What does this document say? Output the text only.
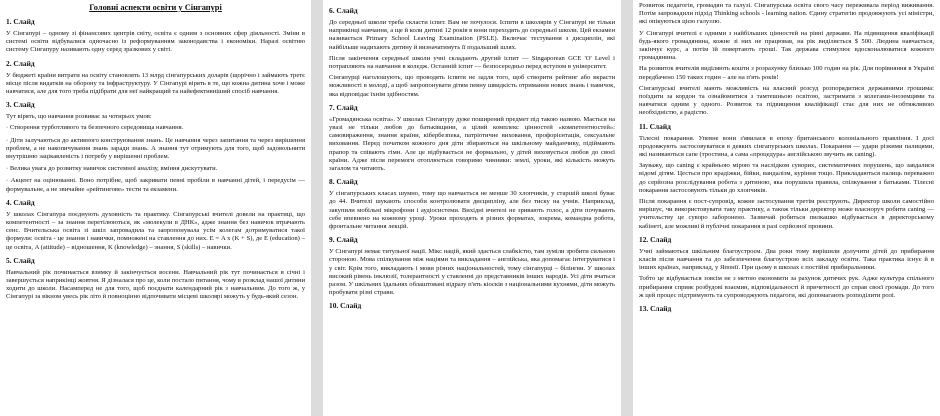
Головні аспекти освіти у Сінгапурі
1. Слайд
У Сінгапурі – одному зі фінансових центрів світу, освіта є одним з основних сфер діяльності. Зміни в системі освіти відбувалися одночасно із реформуванням законодавства і економіки. Наразі освітню систему Сінгапуру називають одну серед зразкових у світі.
2. Слайд
У бюджеті країни витрати на освіту становлять 13 млрд сінгапурських доларів (щорічно і займають третє місце після видатків на оборону та інфраструктуру. У Сінгапурі вірять в те, що кожна дитина хоче і може навчатися, але для того треба підібрати для неї найкращий та найефективніший спосіб навчання.
3. Слайд
Тут вірять, що навчання розвиває за чотирьох умов:
· Створення турботливого та безпечного середовища навчання.
· Діти залучаються до активного конструювання знань. Це навчання через запитання та через вирішення проблем, а не накопичування знань заради знань. А знання тут отримують для того, щоб задовольнити внутрішню зацікавленість і потребу у вирішенні проблем.
· Велика увага до розвитку навичок системної аналізу, вміння дискутувати.
· Акцент на оцінюванні. Воно потрібне, щоб закривати певні пробіли в навчанні дітей, і передусім — формувальне, а не звичайне «рейтингове» тести та екзамени.
4. Слайд
У школах Сінгапура поєднують духовність та практику. Сінгапурські вчителі довели на практиці, що компетентності – за знання перетілюються, як «молекули в ДНК», адже знання без навичок втрачають сенс. Вчительська освіта зі шкіл запровадила та запропонувала усім колегам дотримуватися такої формули: освіта - це знання і навички, помножені на ставлення до них. Е = A x (K + S), де E (education) – це освіта, A (attitude) – відношення, K (knowledge) – знання, S (skills) – навички.
5. Слайд
Навчальний рік починається взимку й закінчується восени. Навчальний рік тут починається в січні і завершується наприкінці жовтня. Я дізналася про це, коли постало питання, чому в розклад нашої дитини ходити до школи. Насамперед не для того, щоб поєднати календарний рік з навчальним. До того ж, у Сінгапурі за вікном увесь рік літо й повноцінно відпочивати місцеві школярі можуть у будь-який сезон.
6. Слайд
До середньої школи треба скласти іспит. Вам не почулося. Іспити в школярів у Сінгапурі не тільки наприкінці навчання, а ще й коли дитині 12 років в вони переходять до середньої школи. Цей екзамен називається Primary School Leaving Examination (PSLE). Включає тестування з дисциплін, які найбільше надихають дитину й визначатимуть її подальший шлях.
Після закінчення середньої школи учні складають другий іспит — Singaporean GCE 'O' Level і потрапляють на навчання в коледж. Останній іспит — безпосередньо перед вступом в університет.
Сінгапурці наголошують, що проводять іспити не задля того, щоб створити рейтинг або вкрасти можливості в молоді, а щоб запропонувати дітям певну швидкість отримання нових знань і навичок, яка відповідає їхнім здібностям.
7. Слайд
«Громадянська освіта». У школах Сінгапуру дуже поширений предмет під такою назвою. Мається на увазі не тільки любов до батьківщини, а цілий комплекс цінностей «компетентностей»: самовираження, знання країни, кібербезпека, патріотичне виховання, профорієнтація, сексуальне виховання. Перед початком кожного дня діти збираються на шкільному майданчику, підіймають прапор та співають гімн. Але це відбувається не формально, у дітей виховується любов до своєї країни. Адже після перемоги отоплюється говоримо чинники: землі, уроки, які кількість можуть загалом та читають.
8. Слайд
У сінгапурських класах шумно, тому що навчається не менше 30 хлопчиків, у старшій школі буває до 44. Вчителі шукають способи контролювати дисципліну, але без тиску на учнів. Наприклад, закупили мобільні мікрофони і аудіосистеми. Вихідні вчителі не зривають голос, а діти почувають себе впевнено на кожному уроці. Уроки проходять в різних форматах, зокрема, командна робота, фронтальне читання лекцій.
9. Слайд
У Сінгапурі немає титульної нації. Мікс націй, який здається слабкістю, там зуміли зробити сильною стороною. Мова спілкування між націями та викладання – англійська, яка допомагає інтегруватися і у світ. Крім того, викладають і мови різних національностей, тому сінгапурці – білінгви. У школах високий рівень інклюзії, толерантності у ставленні до представників інших народів. Усі діти вчаться разом. У шкільних їдальнях облаштовані відразу п'ять кіосків з національними кухнями, діти можуть пробувати різні страви.
10. Слайд
Розвиток педагогів, громадян та галузі. Сінгапурська освіта свого часу переживала період виживання. Потім запровадили підхід Thinking schools - learning nation. Єдину стратегію продовжують усі міністри, які опікуються цією галуззю.
У Сінгапурі вчителі є одними з найбільших цінностей на рівні держави. На підвищення кваліфікації будь-якого громадянина, кожне зі них не працював, на рік виділяється $ 500. Людина навчається, закінчує курс, а потім їй повертають гроші. Так держава стимулює вдосконалюватися кожного громадянина.
На розвиток вчителів виділяють кошти з розрахунку близько 100 годин на рік. Для порівняння в Україні передбачено 150 таких годин – але на п'ять років!
Сінгапурські вчителі мають можливість на власний розсуд розпорядитися державними грошима: поїздити за кордон та ознайомитися з тамтешньою освітою, застримати з колегами-іноземцями та навчатися одним у одного. Розвиток та підвищення кваліфікації стає для них не обтяжливою необхідністю, а радістю.
11. Слайд
Тілесні покарання. Упевне вони з'явилася в епоху британського колоніального правління. І досі продовжують застосовуватися в деяких сінгапурських школах. Покарання — удари різкими палицями, які називаються caпе (тростина, а сама «процедура» англійською звучить як caning).
Зауважу, що caning є крайньою мірою та наслідком суворих, систематичних порушень, що завдалися відомі дітям. Цесться про крадіжки, бійки, вандалізм, куріння тощо. Прикладаються палиць переважно до серйозна розслідування робота з дитиною, яка порушила правила, спілкування з батьками. Тілесні покарання застосовують тільки до хлопчиків.
Після покарання є пост-супровід, кожне застосування третім реєструють. Директор школи самостійно вирішує, чи використовувати таку практику, а також тільки директор може власноруч робити caning — учительству це суворо заборонено. Зазвичай робиться пилкашко відбувається в директорському кабінеті, але можливі й публічні покарання в разі серйозної провини.
12. Слайд
Учні займаються шкільним благоустроєм. Два роки тому вирішили долучити дітей до прибирання класів після навчання та до забезпечення благоустрою всіх закладу освіти. Така практика існує й в інших країнах, наприклад, у Японії. При цьому в школах є постійні прибиральники.
Тобто це відбувається зовсім не з метою економити за рахунок дитячих рук. Адже культура спільного прибирання сприяє розбудові взаємин, відповідальності й причетності до справ своєї громади. До того ж цей процес підтримують та супроводжують педагоги, які допомагають розподілити ролі.
13. Слайд
